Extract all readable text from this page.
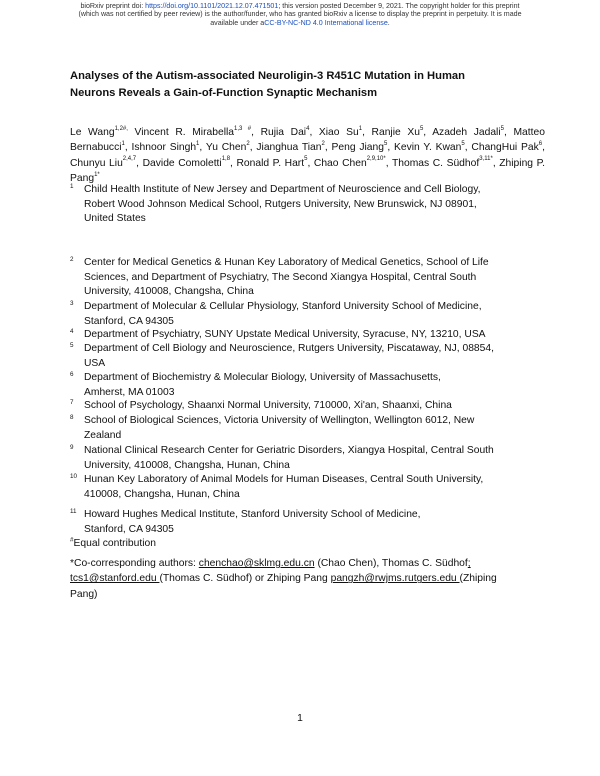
bioRxiv preprint doi: https://doi.org/10.1101/2021.12.07.471501; this version posted December 9, 2021. The copyright holder for this preprint
(which was not certified by peer review) is the author/funder, who has granted bioRxiv a license to display the preprint in perpetuity. It is made
available under aCC-BY-NC-ND 4.0 International license.
Analyses of the Autism-associated Neuroligin-3 R451C Mutation in Human
Neurons Reveals a Gain-of-Function Synaptic Mechanism
Le Wang$^{1,2\#,}$ Vincent R. Mirabella$^{1,3 \#}$, Rujia Dai$^4$, Xiao Su$^1$, Ranjie Xu$^5$, Azadeh Jadali$^5$, Matteo Bernabucci$^1$, Ishnoor Singh$^1$, Yu Chen$^2$, Jianghua Tian$^2$, Peng Jiang$^5$, Kevin Y. Kwan$^5$, ChangHui Pak$^6$, Chunyu Liu$^{2,4,7}$, Davide Comoletti$^{1,8}$, Ronald P. Hart$^5$, Chao Chen$^{2,9,10*}$, Thomas C. Südhof$^{3,11*}$, Zhiping P. Pang$^{1*}$
1 Child Health Institute of New Jersey and Department of Neuroscience and Cell Biology,
Robert Wood Johnson Medical School, Rutgers University, New Brunswick, NJ 08901,
United States
2 Center for Medical Genetics & Hunan Key Laboratory of Medical Genetics, School of Life
Sciences, and Department of Psychiatry, The Second Xiangya Hospital, Central South
University, 410008, Changsha, China
3 Department of Molecular & Cellular Physiology, Stanford University School of Medicine,
Stanford, CA 94305
4 Department of Psychiatry, SUNY Upstate Medical University, Syracuse, NY, 13210, USA
5 Department of Cell Biology and Neuroscience, Rutgers University, Piscataway, NJ, 08854,
USA
6 Department of Biochemistry & Molecular Biology, University of Massachusetts,
Amherst, MA 01003
7 School of Psychology, Shaanxi Normal University, 710000, Xi'an, Shaanxi, China
8 School of Biological Sciences, Victoria University of Wellington, Wellington 6012, New
Zealand
9 National Clinical Research Center for Geriatric Disorders, Xiangya Hospital, Central South
University, 410008, Changsha, Hunan, China
10 Hunan Key Laboratory of Animal Models for Human Diseases, Central South University,
410008, Changsha, Hunan, China
11 Howard Hughes Medical Institute, Stanford University School of Medicine,
Stanford, CA 94305
#Equal contribution
*Co-corresponding authors: chenchao@sklmg.edu.cn (Chao Chen), Thomas C. Südhof;
tcs1@stanford.edu (Thomas C. Südhof) or Zhiping Pang pangzh@rwjms.rutgers.edu (Zhiping
Pang)
1
